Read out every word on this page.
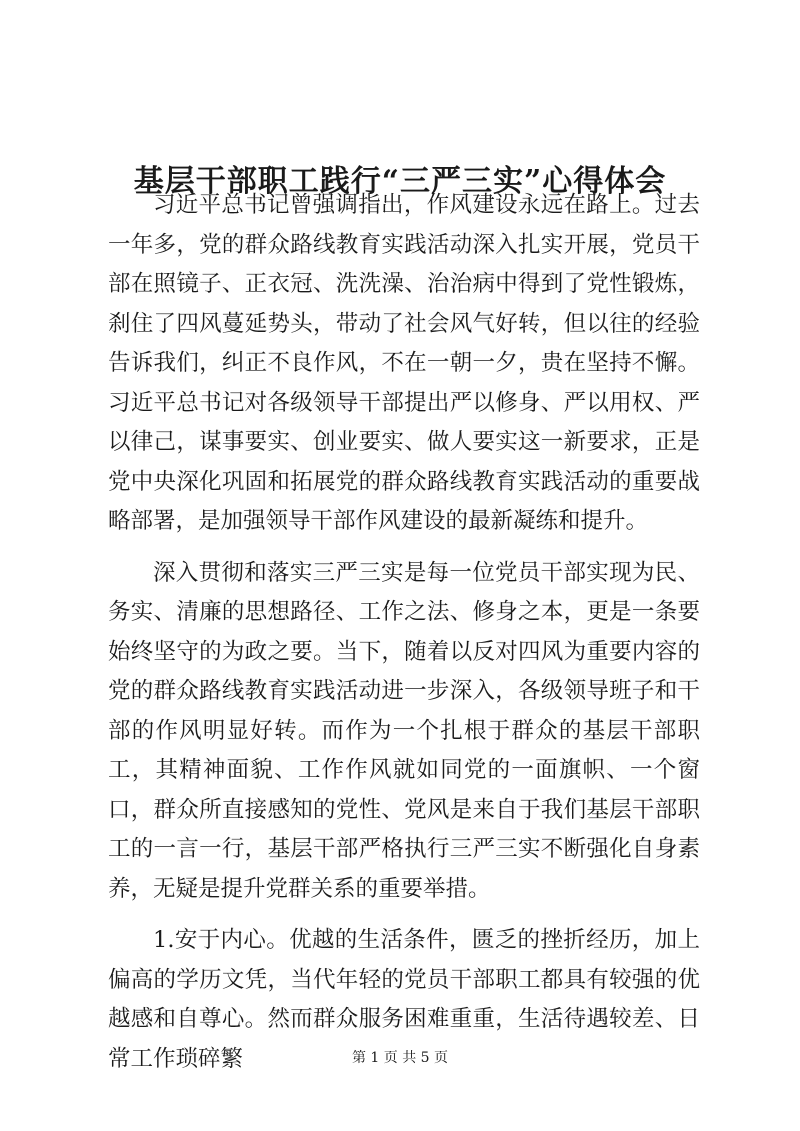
基层干部职工践行“三严三实”心得体会

习近平总书记曾强调指出，作风建设永远在路上。过去一年多，党的群众路线教育实践活动深入扎实开展，党员干部在照镜子、正衣冠、洗洗澡、治治病中得到了党性锻炼，刹住了四风蔓延势头，带动了社会风气好转，但以往的经验告诉我们，纠正不良作风，不在一朝一夕，贵在坚持不懈。习近平总书记对各级领导干部提出严以修身、严以用权、严以律己，谋事要实、创业要实、做人要实这一新要求，正是党中央深化巩固和拓展党的群众路线教育实践活动的重要战略部署，是加强领导干部作风建设的最新凝练和提升。

深入贯彻和落实三严三实是每一位党员干部实现为民、务实、清廉的思想路径、工作之法、修身之本，更是一条要始终坚守的为政之要。当下，随着以反对四风为重要内容的党的群众路线教育实践活动进一步深入，各级领导班子和干部的作风明显好转。而作为一个扎根于群众的基层干部职工，其精神面貌、工作作风就如同党的一面旗帜、一个窗口，群众所直接感知的党性、党风是来自于我们基层干部职工的一言一行，基层干部严格执行三严三实不断强化自身素养，无疑是提升党群关系的重要举措。

1.安于内心。优越的生活条件，匮乏的挫折经历，加上偏高的学历文凭，当代年轻的党员干部职工都具有较强的优越感和自尊心。然而群众服务困难重重，生活待遇较差、日常工作琐碎繁	第 1 页 共 5 页
